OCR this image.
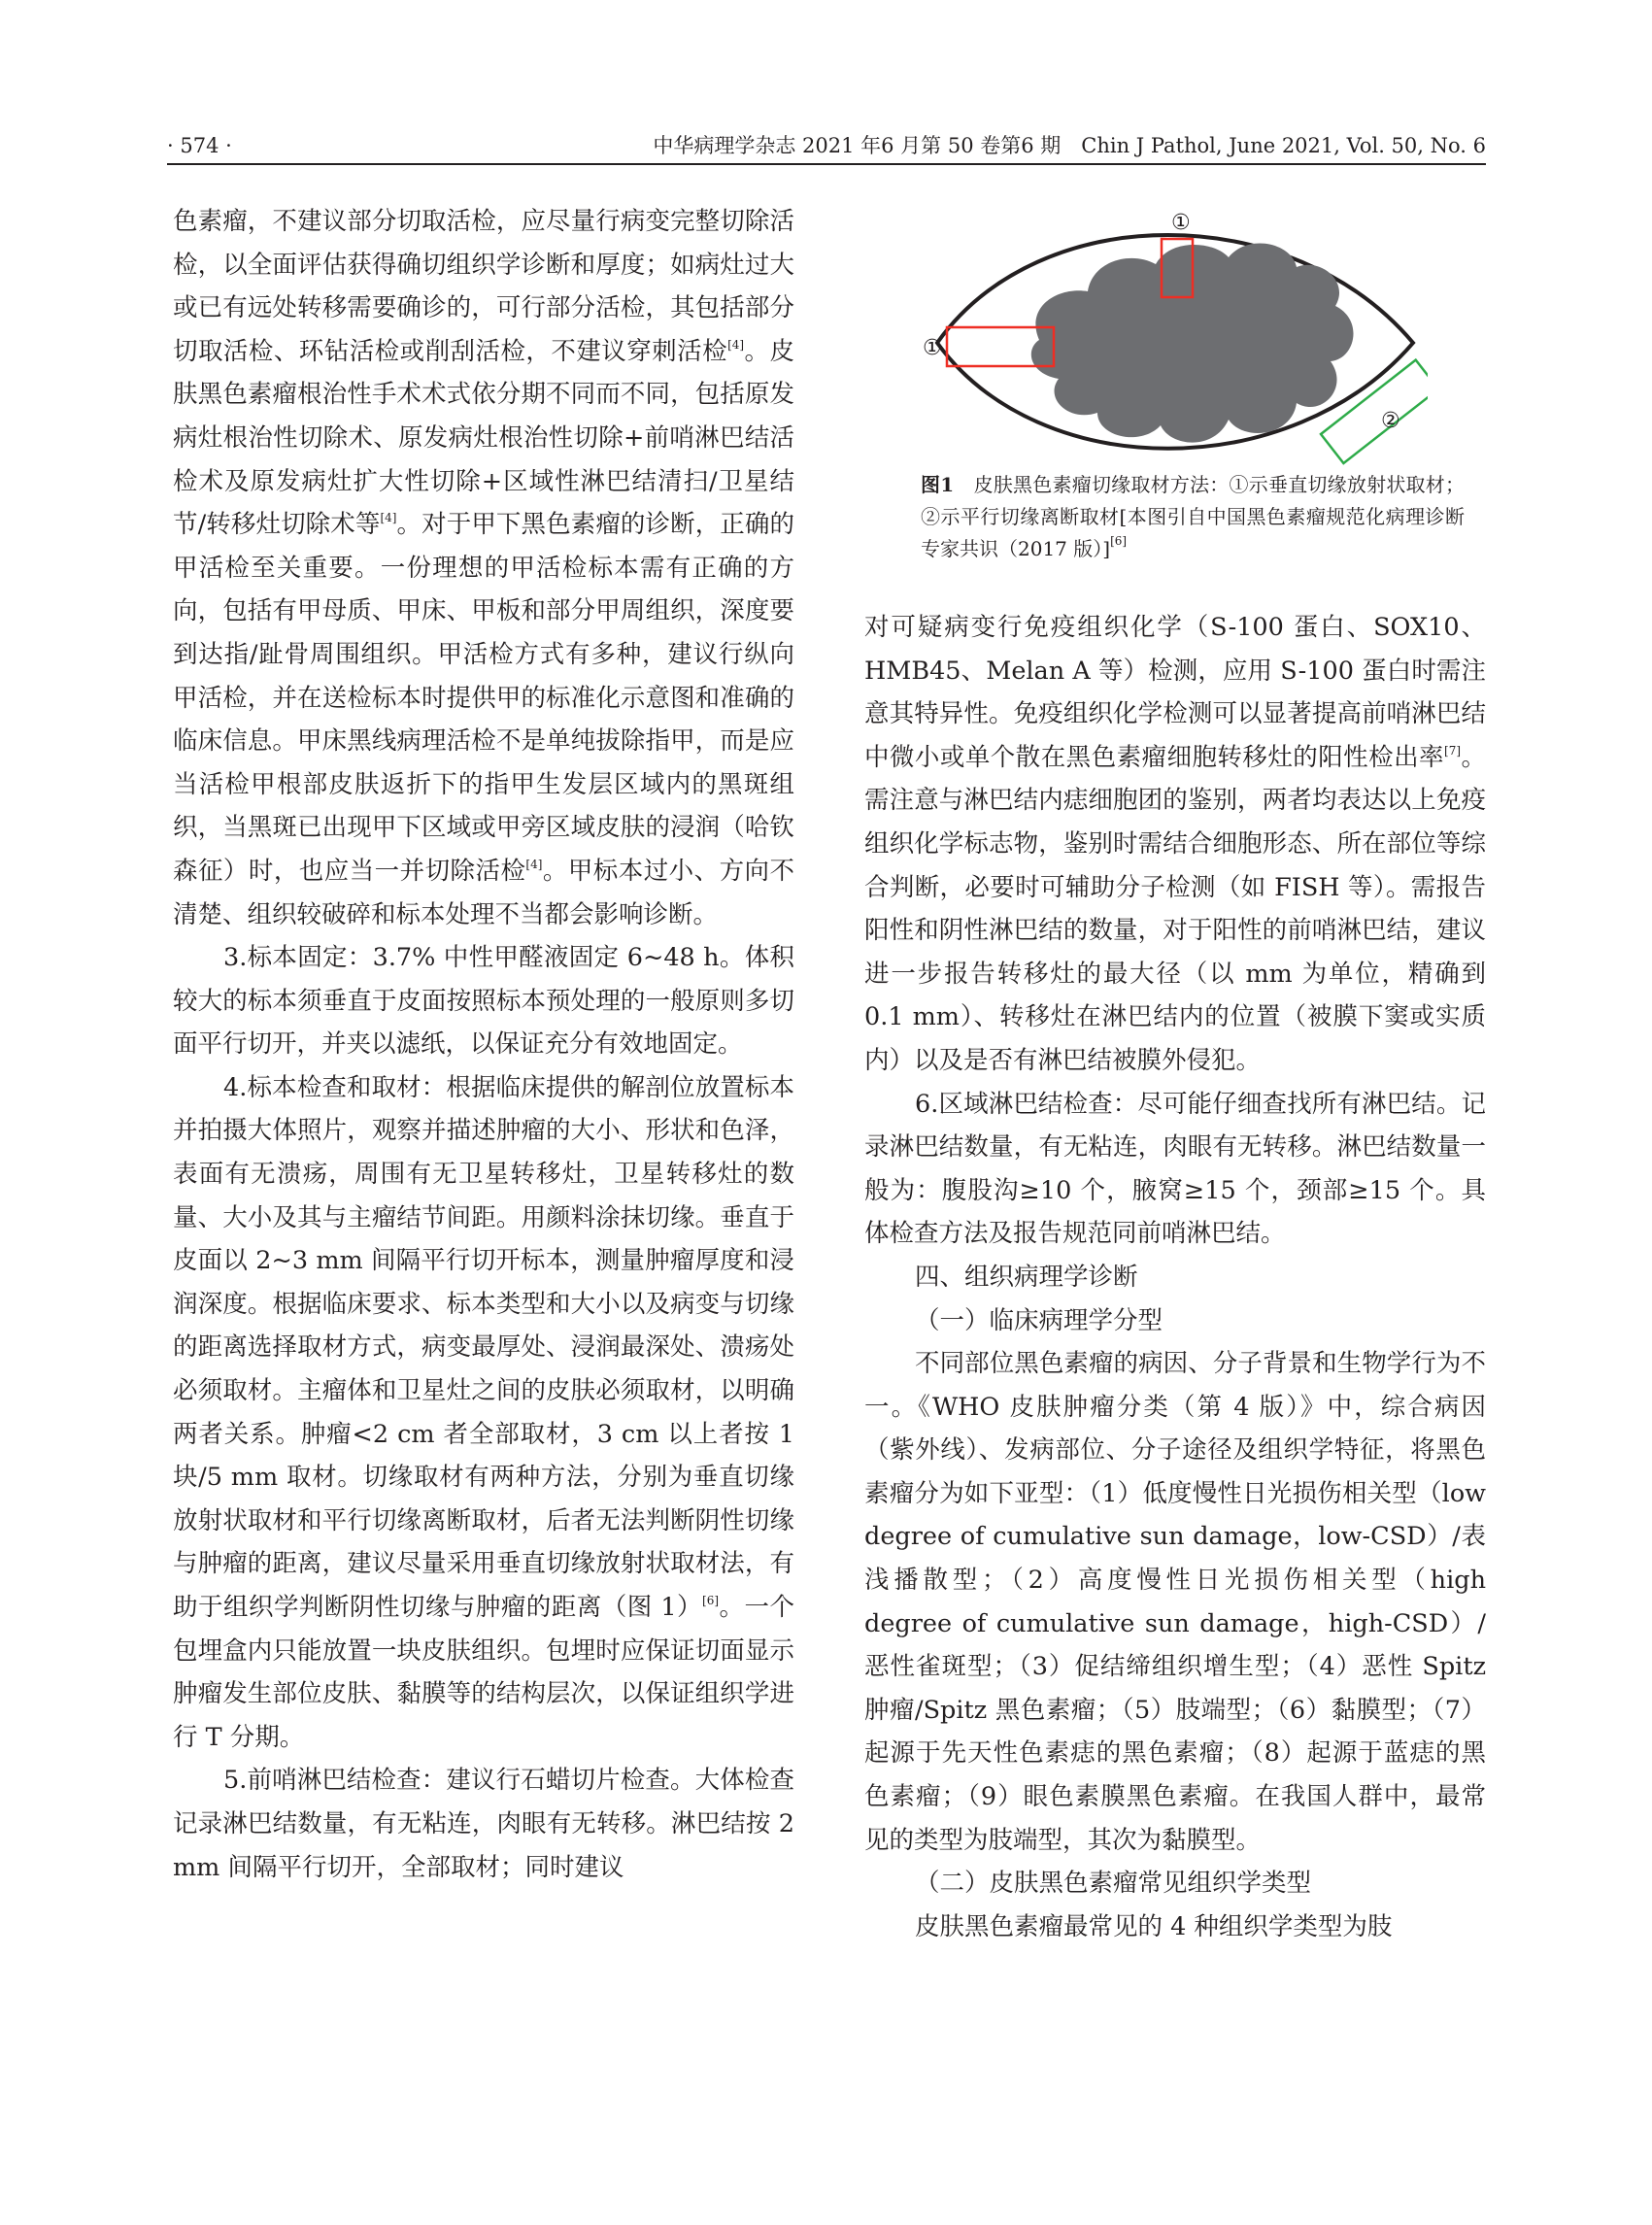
· 574 ·	中华病理学杂志 2021 年6 月第 50 卷第6 期　Chin J Pathol, June 2021, Vol. 50, No. 6

色素瘤，不建议部分切取活检，应尽量行病变完整切除活检，以全面评估获得确切组织学诊断和厚度；如病灶过大或已有远处转移需要确诊的，可行部分活检，其包括部分切取活检、环钻活检或削刮活检，不建议穿刺活检[4]。皮肤黑色素瘤根治性手术术式依分期不同而不同，包括原发病灶根治性切除术、原发病灶根治性切除+前哨淋巴结活检术及原发病灶扩大性切除+区域性淋巴结清扫/卫星结节/转移灶切除术等[4]。对于甲下黑色素瘤的诊断，正确的甲活检至关重要。一份理想的甲活检标本需有正确的方向，包括有甲母质、甲床、甲板和部分甲周组织，深度要到达指/趾骨周围组织。甲活检方式有多种，建议行纵向甲活检，并在送检标本时提供甲的标准化示意图和准确的临床信息。甲床黑线病理活检不是单纯拔除指甲，而是应当活检甲根部皮肤返折下的指甲生发层区域内的黑斑组织，当黑斑已出现甲下区域或甲旁区域皮肤的浸润（哈钦森征）时，也应当一并切除活检[4]。甲标本过小、方向不清楚、组织较破碎和标本处理不当都会影响诊断。

3.标本固定：3.7% 中性甲醛液固定 6~48 h。体积较大的标本须垂直于皮面按照标本预处理的一般原则多切面平行切开，并夹以滤纸，以保证充分有效地固定。

4.标本检查和取材：根据临床提供的解剖位放置标本并拍摄大体照片，观察并描述肿瘤的大小、形状和色泽，表面有无溃疡，周围有无卫星转移灶，卫星转移灶的数量、大小及其与主瘤结节间距。用颜料涂抹切缘。垂直于皮面以 2~3 mm 间隔平行切开标本，测量肿瘤厚度和浸润深度。根据临床要求、标本类型和大小以及病变与切缘的距离选择取材方式，病变最厚处、浸润最深处、溃疡处必须取材。主瘤体和卫星灶之间的皮肤必须取材，以明确两者关系。肿瘤<2 cm 者全部取材，3 cm 以上者按 1 块/5 mm 取材。切缘取材有两种方法，分别为垂直切缘放射状取材和平行切缘离断取材，后者无法判断阴性切缘与肿瘤的距离，建议尽量采用垂直切缘放射状取材法，有助于组织学判断阴性切缘与肿瘤的距离（图 1）[6]。一个包埋盒内只能放置一块皮肤组织。包埋时应保证切面显示肿瘤发生部位皮肤、黏膜等的结构层次，以保证组织学进行 T 分期。

5.前哨淋巴结检查：建议行石蜡切片检查。大体检查记录淋巴结数量，有无粘连，肉眼有无转移。淋巴结按 2 mm 间隔平行切开，全部取材；同时建议

①
①
②
图1　皮肤黑色素瘤切缘取材方法：①示垂直切缘放射状取材；②示平行切缘离断取材[本图引自中国黑色素瘤规范化病理诊断专家共识（2017 版）][6]

对可疑病变行免疫组织化学（S-100 蛋白、SOX10、HMB45、Melan A 等）检测，应用 S-100 蛋白时需注意其特异性。免疫组织化学检测可以显著提高前哨淋巴结中微小或单个散在黑色素瘤细胞转移灶的阳性检出率[7]。需注意与淋巴结内痣细胞团的鉴别，两者均表达以上免疫组织化学标志物，鉴别时需结合细胞形态、所在部位等综合判断，必要时可辅助分子检测（如 FISH 等）。需报告阳性和阴性淋巴结的数量，对于阳性的前哨淋巴结，建议进一步报告转移灶的最大径（以 mm 为单位，精确到 0.1 mm）、转移灶在淋巴结内的位置（被膜下窦或实质内）以及是否有淋巴结被膜外侵犯。

6.区域淋巴结检查：尽可能仔细查找所有淋巴结。记录淋巴结数量，有无粘连，肉眼有无转移。淋巴结数量一般为：腹股沟≥10 个，腋窝≥15 个，颈部≥15 个。具体检查方法及报告规范同前哨淋巴结。

四、组织病理学诊断

（一）临床病理学分型

不同部位黑色素瘤的病因、分子背景和生物学行为不一。《WHO 皮肤肿瘤分类（第 4 版）》中，综合病因（紫外线）、发病部位、分子途径及组织学特征，将黑色素瘤分为如下亚型：（1）低度慢性日光损伤相关型（low degree of cumulative sun damage，low-CSD）/表浅播散型；（2）高度慢性日光损伤相关型（high degree of cumulative sun damage，high-CSD）/恶性雀斑型；（3）促结缔组织增生型；（4）恶性 Spitz 肿瘤/Spitz 黑色素瘤；（5）肢端型；（6）黏膜型；（7）起源于先天性色素痣的黑色素瘤；（8）起源于蓝痣的黑色素瘤；（9）眼色素膜黑色素瘤。在我国人群中，最常见的类型为肢端型，其次为黏膜型。

（二）皮肤黑色素瘤常见组织学类型

皮肤黑色素瘤最常见的 4 种组织学类型为肢
